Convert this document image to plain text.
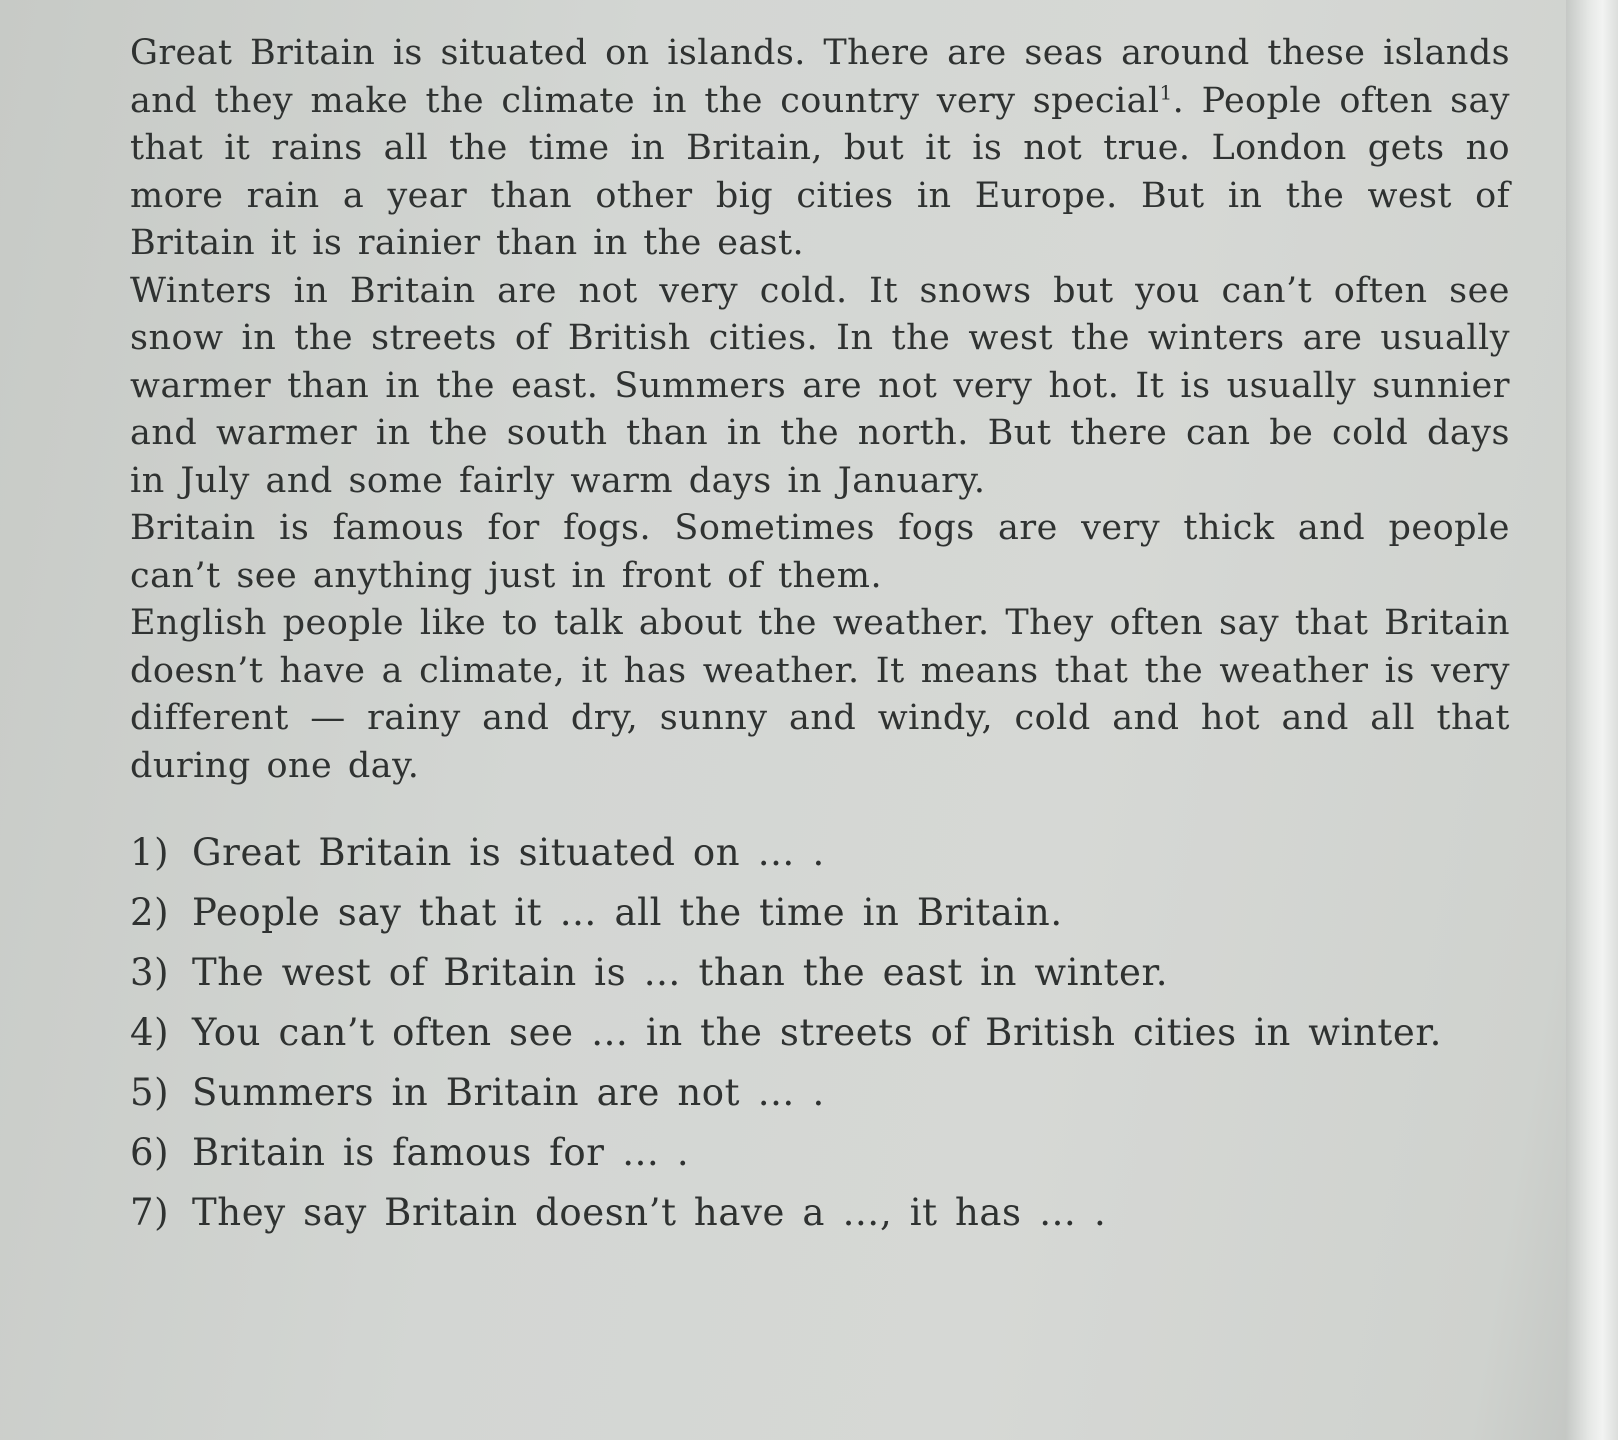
Great Britain is situated on islands. There are seas around these islands and they make the climate in the country very special$^1$. People often say that it rains all the time in Britain, but it is not true. London gets no more rain a year than other big cities in Europe. But in the west of Britain it is rainier than in the east.

Winters in Britain are not very cold. It snows but you can’t often see snow in the streets of British cities. In the west the winters are usually warmer than in the east. Summers are not very hot. It is usually sunnier and warmer in the south than in the north. But there can be cold days in July and some fairly warm days in January.

Britain is famous for fogs. Sometimes fogs are very thick and people can’t see anything just in front of them.

English people like to talk about the weather. They often say that Britain doesn’t have a climate, it has weather. It means that the weather is very different — rainy and dry, sunny and windy, cold and hot and all that during one day.

1) Great Britain is situated on … .
2) People say that it … all the time in Britain.
3) The west of Britain is … than the east in winter.
4) You can’t often see … in the streets of British cities in winter.
5) Summers in Britain are not … .
6) Britain is famous for … .
7) They say Britain doesn’t have a …, it has … .
